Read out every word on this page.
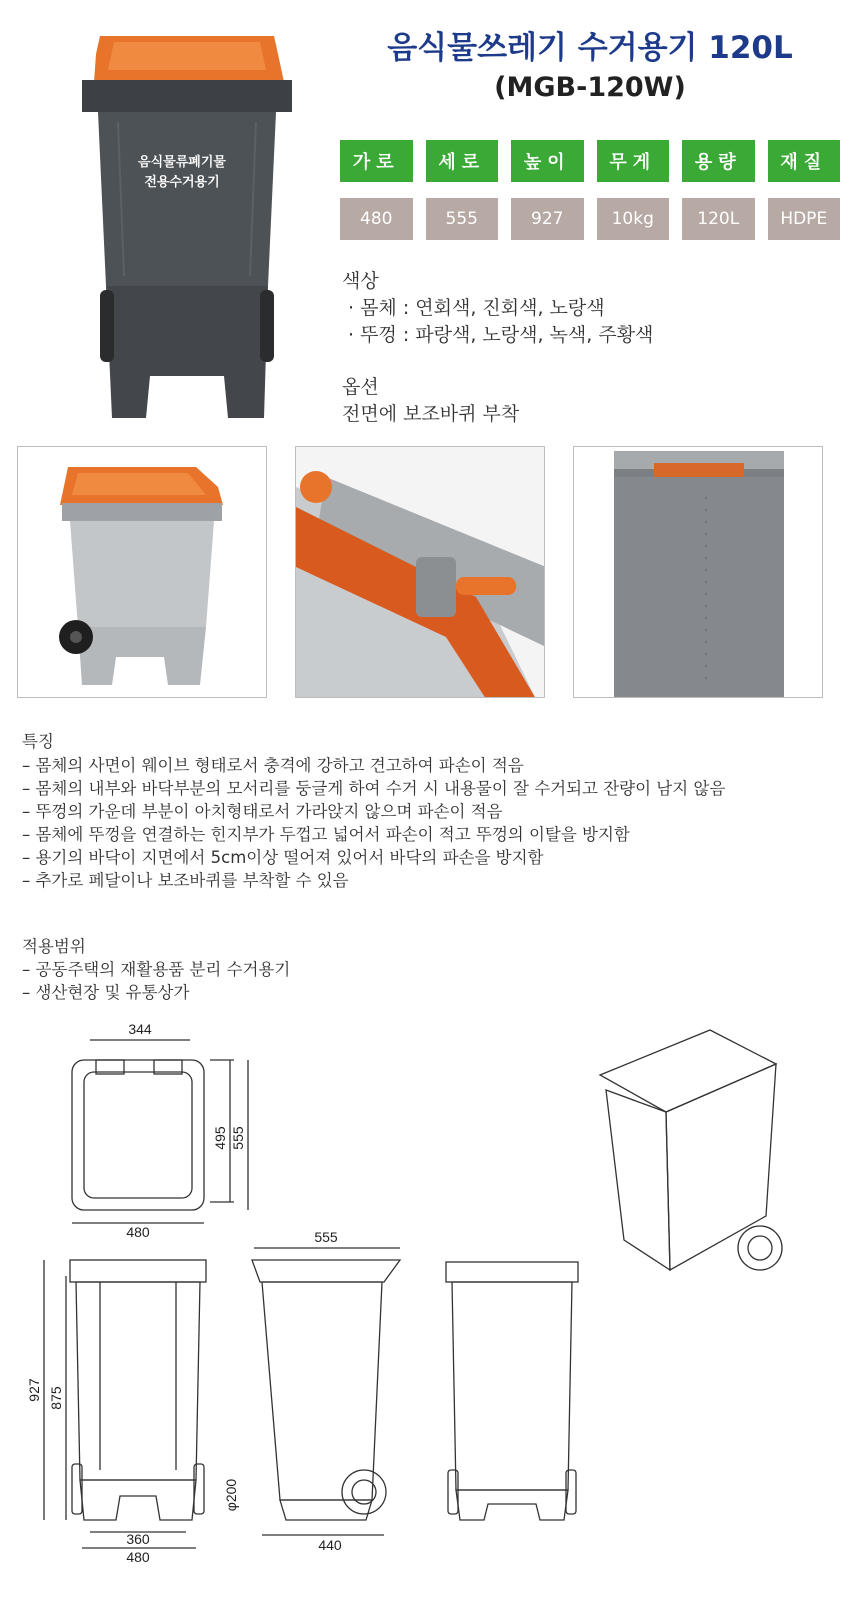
음식물류폐기물
전용수거용기
음식물쓰레기 수거용기 120L
(MGB-120W)
가로	세로	높이	무게	용량	재질
480	555	927	10kg	120L	HDPE
색상
· 몸체 : 연회색, 진회색, 노랑색
· 뚜껑 : 파랑색, 노랑색, 녹색, 주황색
옵션
전면에 보조바퀴 부착
특징
– 몸체의 사면이 웨이브 형태로서 충격에 강하고 견고하여 파손이 적음
– 몸체의 내부와 바닥부분의 모서리를 둥글게 하여 수거 시 내용물이 잘 수거되고 잔량이 남지 않음
– 뚜껑의 가운데 부분이 아치형태로서 가라앉지 않으며 파손이 적음
– 몸체에 뚜껑을 연결하는 힌지부가 두껍고 넓어서 파손이 적고 뚜껑의 이탈을 방지함
– 용기의 바닥이 지면에서 5cm이상 떨어져 있어서 바닥의 파손을 방지함
– 추가로 페달이나 보조바퀴를 부착할 수 있음
적용범위
– 공동주택의 재활용품 분리 수거용기
– 생산현장 및 유통상가
344
495 555
480
927 875
360
480
φ200
555
440
